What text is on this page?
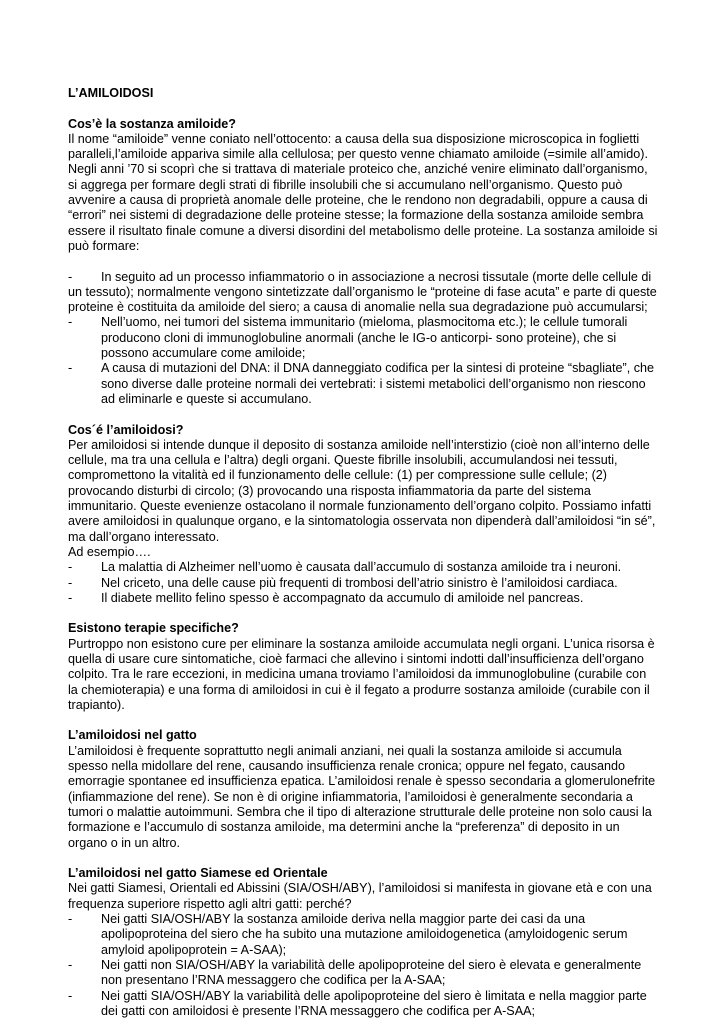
L’AMILOIDOSI

Cos’è la sostanza amiloide?

Il nome “amiloide” venne coniato nell’ottocento: a causa della sua disposizione microscopica in foglietti paralleli,l’amiloide appariva simile alla cellulosa; per questo venne chiamato amiloide (=simile all’amido). Negli anni ’70 si scoprì che si trattava di materiale proteico che, anziché venire eliminato dall’organismo, si aggrega per formare degli strati di fibrille insolubili che si accumulano nell’organismo. Questo può avvenire a causa di proprietà anomale delle proteine, che le rendono non degradabili, oppure a causa di “errori” nei sistemi di degradazione delle proteine stesse; la formazione della sostanza amiloide sembra essere il risultato finale comune a diversi disordini del metabolismo delle proteine. La sostanza amiloide si può formare:

- In seguito ad un processo infiammatorio o in associazione a necrosi tissutale (morte delle cellule di un tessuto); normalmente vengono sintetizzate dall’organismo le “proteine di fase acuta” e parte di queste proteine è costituita da amiloide del siero; a causa di anomalie nella sua degradazione può accumularsi;
-	Nell’uomo, nei tumori del sistema immunitario (mieloma, plasmocitoma etc.); le cellule tumorali producono cloni di immunoglobuline anormali (anche le IG-o anticorpi- sono proteine), che si possono accumulare come amiloide;
-	A causa di mutazioni del DNA: il DNA danneggiato codifica per la sintesi di proteine “sbagliate”, che sono diverse dalle proteine normali dei vertebrati: i sistemi metabolici dell’organismo non riescono ad eliminarle e queste si accumulano.

Cos´é l’amiloidosi?

Per amiloidosi si intende dunque il deposito di sostanza amiloide nell’interstizio (cioè non all’interno delle cellule, ma tra una cellula e l’altra) degli organi. Queste fibrille insolubili, accumulandosi nei tessuti, compromettono la vitalità ed il funzionamento delle cellule: (1) per compressione sulle cellule; (2) provocando disturbi di circolo; (3) provocando una risposta infiammatoria da parte del sistema immunitario. Queste evenienze ostacolano il normale funzionamento dell’organo colpito. Possiamo infatti avere amiloidosi in qualunque organo, e la sintomatologia osservata non dipenderà dall’amiloidosi “in sé”, ma dall’organo interessato.

Ad esempio….

-	La malattia di Alzheimer nell’uomo è causata dall’accumulo di sostanza amiloide tra i neuroni.
-	Nel criceto, una delle cause più frequenti di trombosi dell’atrio sinistro è l’amiloidosi cardiaca.
-	Il diabete mellito felino spesso è accompagnato da accumulo di amiloide nel pancreas.

Esistono terapie specifiche?

Purtroppo non esistono cure per eliminare la sostanza amiloide accumulata negli organi. L’unica risorsa è quella di usare cure sintomatiche, cioè farmaci che allevino i sintomi indotti dall’insufficienza dell’organo colpito. Tra le rare eccezioni, in medicina umana troviamo l’amiloidosi da immunoglobuline (curabile con la chemioterapia) e una forma di amiloidosi in cui è il fegato a produrre sostanza amiloide (curabile con il trapianto).

L’amiloidosi nel gatto

L’amiloidosi è frequente soprattutto negli animali anziani, nei quali la sostanza amiloide si accumula spesso nella midollare del rene, causando insufficienza renale cronica; oppure nel fegato, causando emorragie spontanee ed insufficienza epatica. L’amiloidosi renale è spesso secondaria a glomerulonefrite (infiammazione del rene). Se non è di origine infiammatoria, l’amiloidosi è generalmente secondaria a tumori o malattie autoimmuni. Sembra che il tipo di alterazione strutturale delle proteine non solo causi la formazione e l’accumulo di sostanza amiloide, ma determini anche la “preferenza” di deposito in un organo o in un altro.

L’amiloidosi nel gatto Siamese ed Orientale

Nei gatti Siamesi, Orientali ed Abissini (SIA/OSH/ABY), l’amiloidosi si manifesta in giovane età e con una frequenza superiore rispetto agli altri gatti: perché?

-	Nei gatti SIA/OSH/ABY la sostanza amiloide deriva nella maggior parte dei casi da una apolipoproteina del siero che ha subito una mutazione amiloidogenetica (amyloidogenic serum amyloid apolipoprotein = A-SAA);
-	Nei gatti non SIA/OSH/ABY la variabilità delle apolipoproteine del siero è elevata e generalmente non presentano l’RNA messaggero che codifica per la A-SAA;
-	Nei gatti SIA/OSH/ABY la variabilità delle apolipoproteine del siero è limitata e nella maggior parte dei gatti con amiloidosi è presente l’RNA messaggero che codifica per A-SAA;
